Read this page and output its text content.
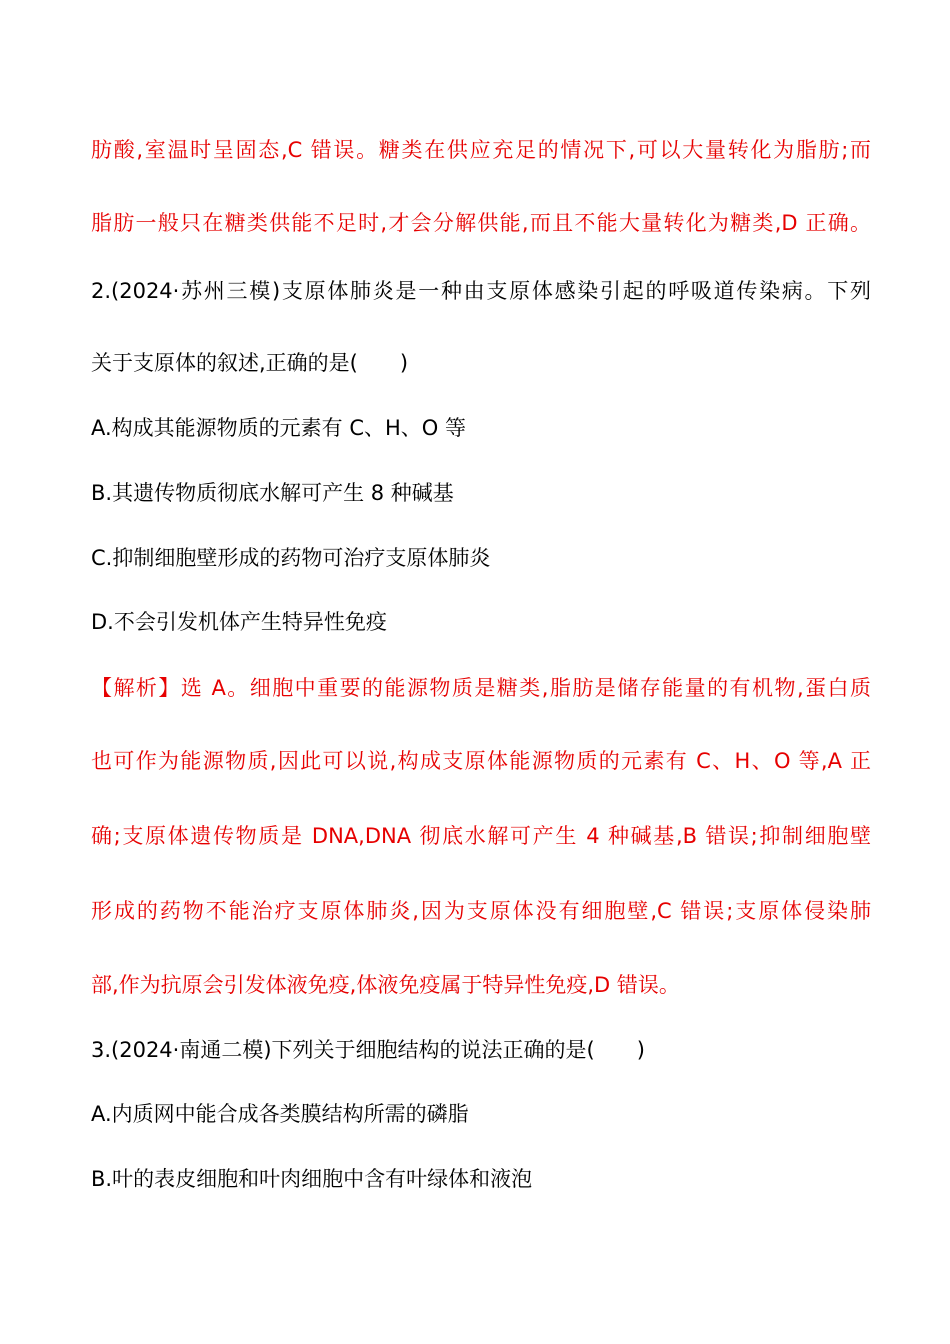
肪酸,室温时呈固态,C 错误。糖类在供应充足的情况下,可以大量转化为脂肪;而
脂肪一般只在糖类供能不足时,才会分解供能,而且不能大量转化为糖类,D 正确。
2.(2024·苏州三模)支原体肺炎是一种由支原体感染引起的呼吸道传染病。下列
关于支原体的叙述,正确的是(　　)
A.构成其能源物质的元素有 C、H、O 等
B.其遗传物质彻底水解可产生 8 种碱基
C.抑制细胞壁形成的药物可治疗支原体肺炎
D.不会引发机体产生特异性免疫
【解析】选 A。细胞中重要的能源物质是糖类,脂肪是储存能量的有机物,蛋白质
也可作为能源物质,因此可以说,构成支原体能源物质的元素有 C、H、O 等,A 正
确;支原体遗传物质是 DNA,DNA 彻底水解可产生 4 种碱基,B 错误;抑制细胞壁
形成的药物不能治疗支原体肺炎,因为支原体没有细胞壁,C 错误;支原体侵染肺
部,作为抗原会引发体液免疫,体液免疫属于特异性免疫,D 错误。
3.(2024·南通二模)下列关于细胞结构的说法正确的是(　　)
A.内质网中能合成各类膜结构所需的磷脂
B.叶的表皮细胞和叶肉细胞中含有叶绿体和液泡
